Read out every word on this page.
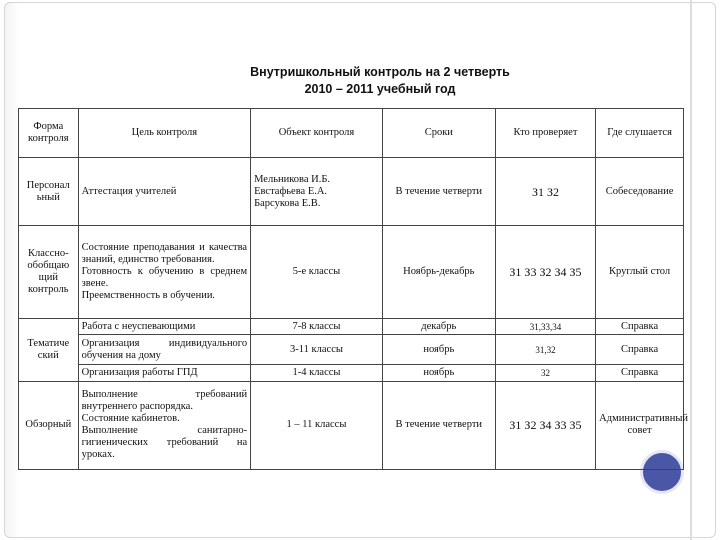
Внутришкольный контроль на 2 четверть
2010 – 2011 учебный год
Форма контроля	Цель контроля	Объект контроля	Сроки	Кто проверяет	Где слушается
Персонал ьный	Аттестация учителей	Мельникова И.Б.
Евстафьева Е.А.
Барсукова Е.В.	В течение четверти	З1 З2	Собеседование
Классно-обобщаю щий контроль	Состояние преподавания и качества знаний, единство требования.
Готовность к обучению в среднем звене.
Преемственность в обучении.	5-е классы	Ноябрь-декабрь	З1 З3 З2 З4 З5	Круглый стол
Тематиче ский	Работа с неуспевающими	7-8 классы	декабрь	31,33,34	Справка

	Организация индивидуального обучения на дому	3-11 классы	ноябрь	31,32	Справка

	Организация работы ГПД	1-4 классы	ноябрь	32	Справка
Обзорный	Выполнение требований внутреннего распорядка.
Состояние кабинетов.
Выполнение санитарно-гигиенических требований на уроках.	1 – 11 классы	В течение четверти	З1 З2 З4 З3 З5	Административный совет
